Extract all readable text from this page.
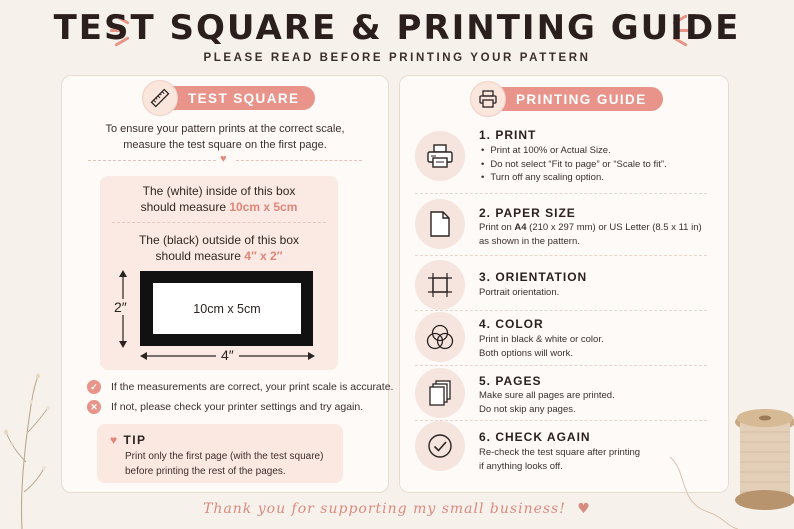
TEST SQUARE & PRINTING GUIDE
PLEASE READ BEFORE PRINTING YOUR PATTERN
TEST SQUARE
To ensure your pattern prints at the correct scale,
measure the test square on the first page.
♥
The (white) inside of this box
should measure 10cm x 5cm
The (black) outside of this box
should measure 4″ x 2″
10cm x 5cm
2″
4″
✓	If the measurements are correct, your print scale is accurate.
✕	If not, please check your printer settings and try again.
♥ TIP
Print only the first page (with the test square)
before printing the rest of the pages.
PRINTING GUIDE
1. PRINT
• Print at 100% or Actual Size.
• Do not select “Fit to page” or “Scale to fit”.
• Turn off any scaling option.
2. PAPER SIZE
Print on A4 (210 x 297 mm) or US Letter (8.5 x 11 in)
as shown in the pattern.
3. ORIENTATION
Portrait orientation.
4. COLOR
Print in black & white or color.
Both options will work.
5. PAGES
Make sure all pages are printed.
Do not skip any pages.
6. CHECK AGAIN
Re-check the test square after printing
if anything looks off.
Thank you for supporting my small business! ♥
